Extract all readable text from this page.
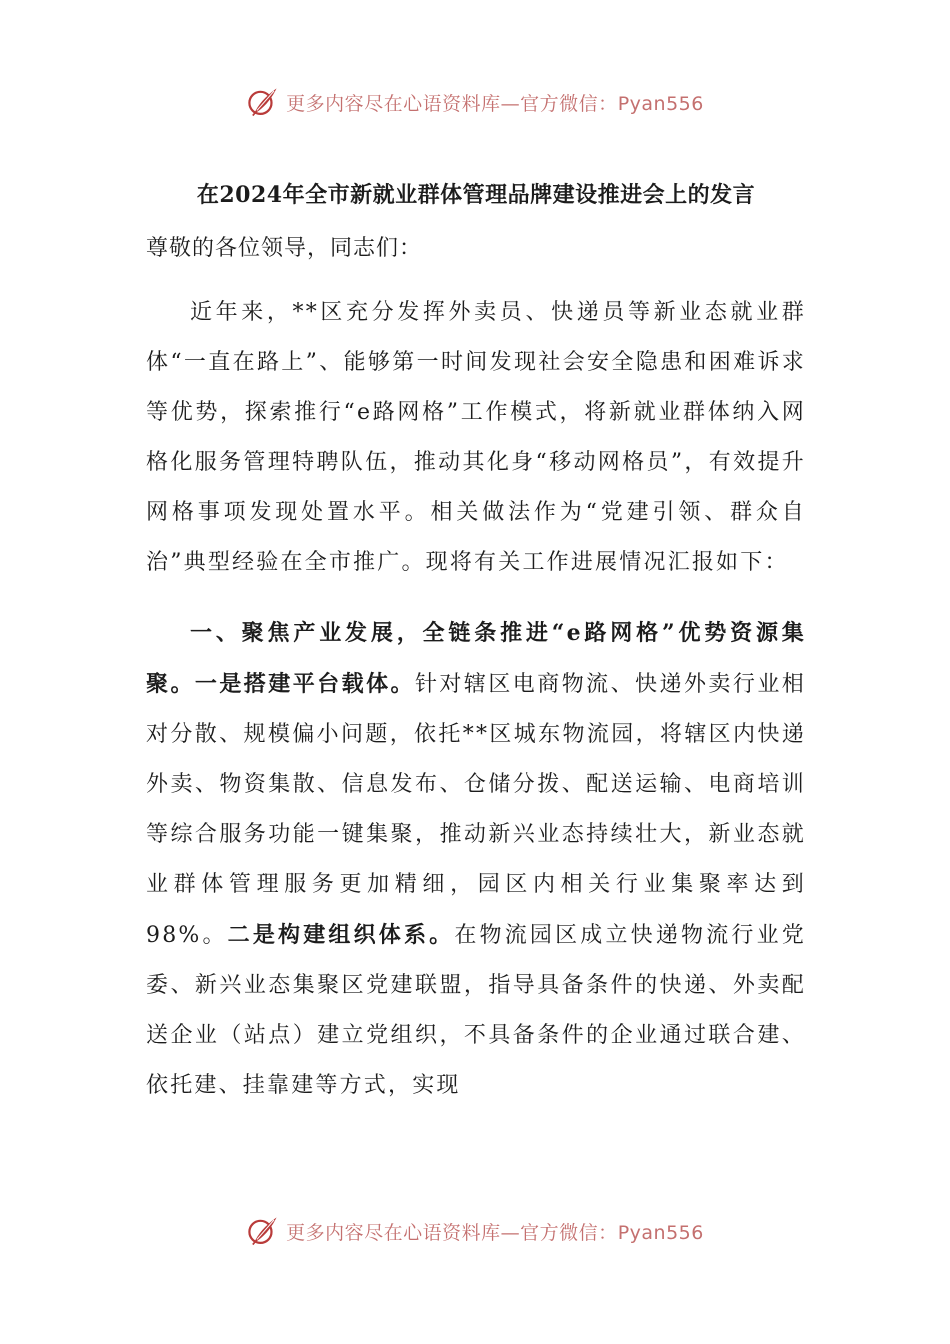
更多内容尽在心语资料库—官方微信：Pyan556
在2024年全市新就业群体管理品牌建设推进会上的发言
尊敬的各位领导，同志们：

近年来，**区充分发挥外卖员、快递员等新业态就业群体“一直在路上”、能够第一时间发现社会安全隐患和困难诉求等优势，探索推行“e路网格”工作模式，将新就业群体纳入网格化服务管理特聘队伍，推动其化身“移动网格员”，有效提升网格事项发现处置水平。相关做法作为“党建引领、群众自治”典型经验在全市推广。现将有关工作进展情况汇报如下：

一、聚焦产业发展，全链条推进“e路网格”优势资源集聚。一是搭建平台载体。针对辖区电商物流、快递外卖行业相对分散、规模偏小问题，依托**区城东物流园，将辖区内快递外卖、物资集散、信息发布、仓储分拨、配送运输、电商培训等综合服务功能一键集聚，推动新兴业态持续壮大，新业态就业群体管理服务更加精细，园区内相关行业集聚率达到98%。二是构建组织体系。在物流园区成立快递物流行业党委、新兴业态集聚区党建联盟，指导具备条件的快递、外卖配送企业（站点）建立党组织，不具备条件的企业通过联合建、依托建、挂靠建等方式，实现

更多内容尽在心语资料库—官方微信：Pyan556
